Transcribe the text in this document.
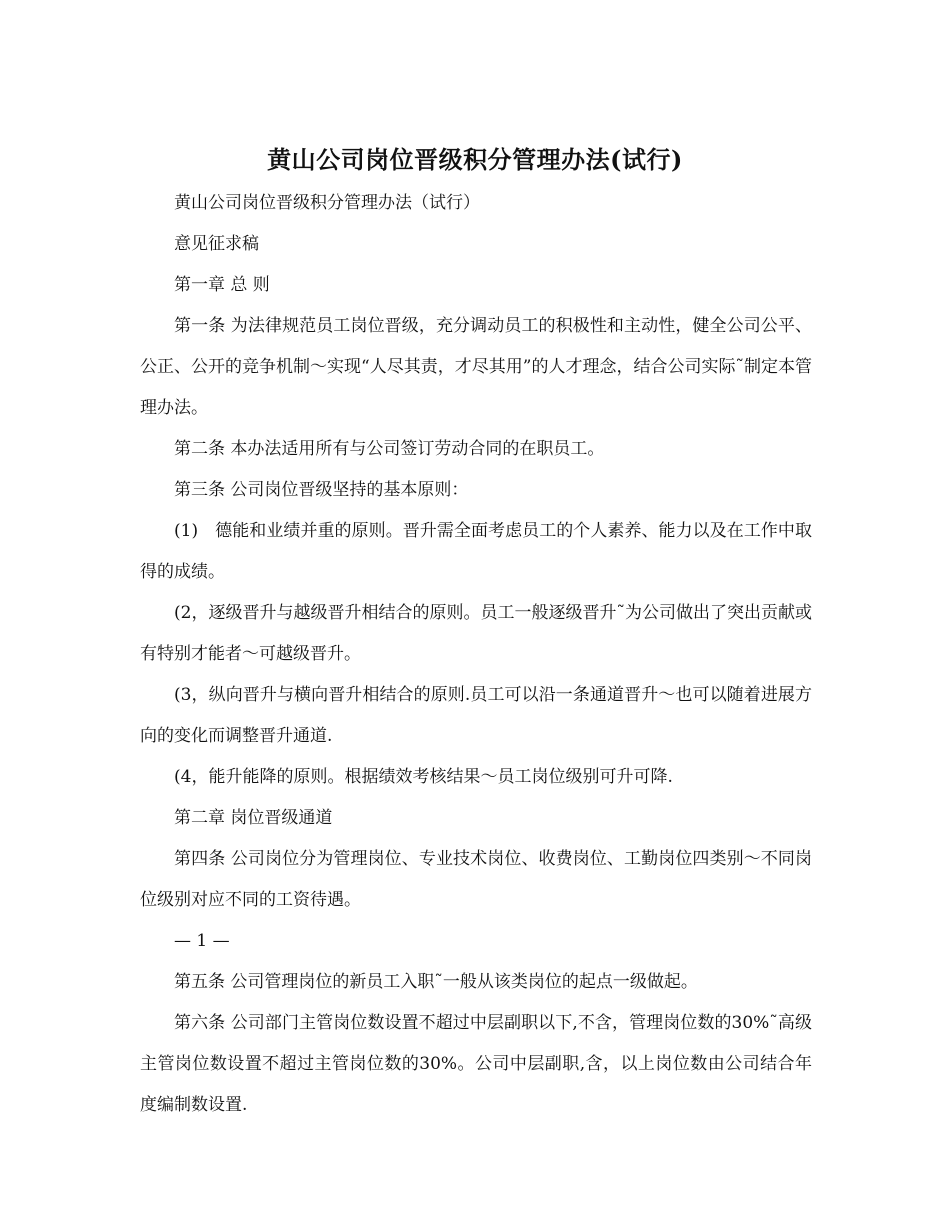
黄山公司岗位晋级积分管理办法(试行)

黄山公司岗位晋级积分管理办法（试行）

意见征求稿

第一章 总 则

第一条 为法律规范员工岗位晋级，充分调动员工的积极性和主动性，健全公司公平、公正、公开的竞争机制～实现“人尽其责，才尽其用”的人才理念，结合公司实际˜制定本管理办法。

第二条 本办法适用所有与公司签订劳动合同的在职员工。

第三条 公司岗位晋级坚持的基本原则：

(1)　德能和业绩并重的原则。晋升需全面考虑员工的个人素养、能力以及在工作中取得的成绩。

(2，逐级晋升与越级晋升相结合的原则。员工一般逐级晋升˜为公司做出了突出贡献或有特别才能者～可越级晋升。

(3，纵向晋升与横向晋升相结合的原则.员工可以沿一条通道晋升～也可以随着进展方向的变化而调整晋升通道.

(4，能升能降的原则。根据绩效考核结果～员工岗位级别可升可降.

第二章 岗位晋级通道

第四条 公司岗位分为管理岗位、专业技术岗位、收费岗位、工勤岗位四类别～不同岗位级别对应不同的工资待遇。

— 1 —

第五条 公司管理岗位的新员工入职˜一般从该类岗位的起点一级做起。

第六条 公司部门主管岗位数设置不超过中层副职以下,不含，管理岗位数的30%˜高级主管岗位数设置不超过主管岗位数的30%。公司中层副职,含，以上岗位数由公司结合年度编制数设置.
